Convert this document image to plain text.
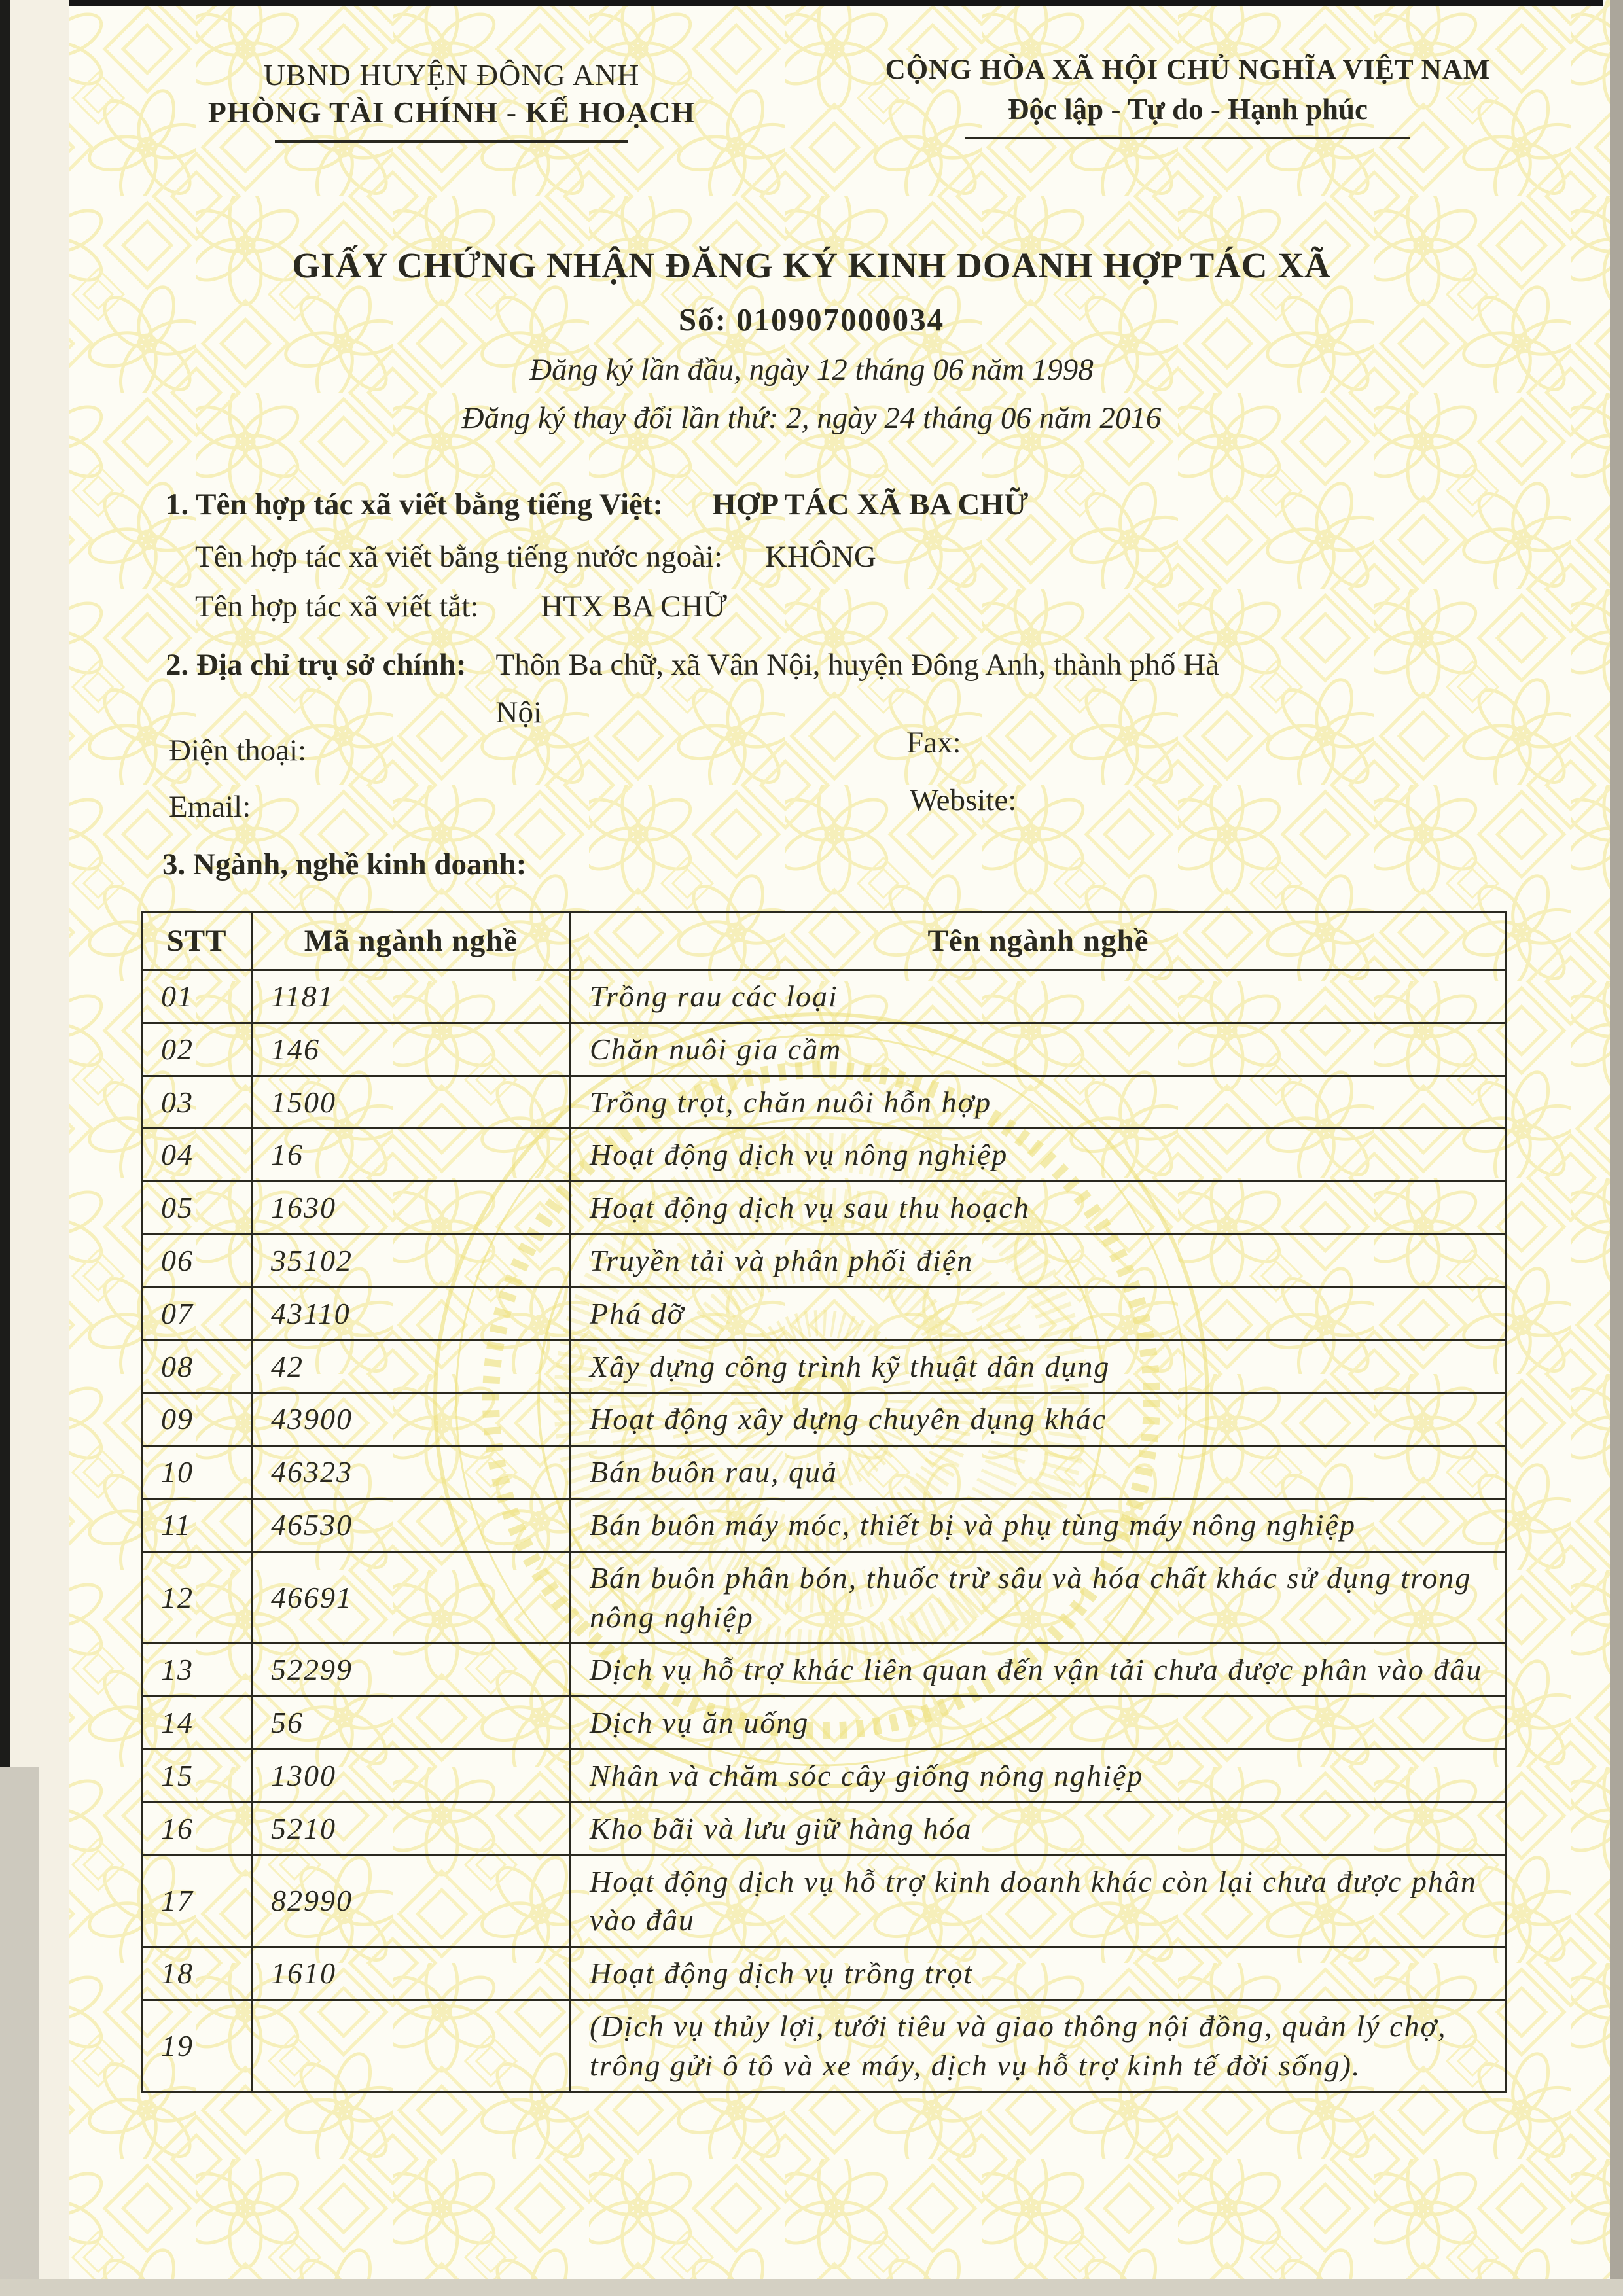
UBND HUYỆN ĐÔNG ANH
PHÒNG TÀI CHÍNH - KẾ HOẠCH
CỘNG HÒA XÃ HỘI CHỦ NGHĨA VIỆT NAM
Độc lập - Tự do - Hạnh phúc
GIẤY CHỨNG NHẬN ĐĂNG KÝ KINH DOANH HỢP TÁC XÃ
Số: 010907000034
Đăng ký lần đầu, ngày 12 tháng 06 năm 1998
Đăng ký thay đổi lần thứ: 2, ngày 24 tháng 06 năm 2016
1. Tên hợp tác xã viết bằng tiếng Việt: HỢP TÁC XÃ BA CHỮ
Tên hợp tác xã viết bằng tiếng nước ngoài: KHÔNG
Tên hợp tác xã viết tắt: HTX BA CHỮ
2. Địa chỉ trụ sở chính: Thôn Ba chữ, xã Vân Nội, huyện Đông Anh, thành phố Hà Nội
Điện thoại:	Fax:
Email:	Website:
3. Ngành, nghề kinh doanh:
STT	Mã ngành nghề	Tên ngành nghề
01	1181	Trồng rau các loại
02	146	Chăn nuôi gia cầm
03	1500	Trồng trọt, chăn nuôi hỗn hợp
04	16	Hoạt động dịch vụ nông nghiệp
05	1630	Hoạt động dịch vụ sau thu hoạch
06	35102	Truyền tải và phân phối điện
07	43110	Phá dỡ
08	42	Xây dựng công trình kỹ thuật dân dụng
09	43900	Hoạt động xây dựng chuyên dụng khác
10	46323	Bán buôn rau, quả
11	46530	Bán buôn máy móc, thiết bị và phụ tùng máy nông nghiệp
12	46691	Bán buôn phân bón, thuốc trừ sâu và hóa chất khác sử dụng trong nông nghiệp
13	52299	Dịch vụ hỗ trợ khác liên quan đến vận tải chưa được phân vào đâu
14	56	Dịch vụ ăn uống
15	1300	Nhân và chăm sóc cây giống nông nghiệp
16	5210	Kho bãi và lưu giữ hàng hóa
17	82990	Hoạt động dịch vụ hỗ trợ kinh doanh khác còn lại chưa được phân vào đâu
18	1610	Hoạt động dịch vụ trồng trọt
19		(Dịch vụ thủy lợi, tưới tiêu và giao thông nội đồng, quản lý chợ, trông gửi ô tô và xe máy, dịch vụ hỗ trợ kinh tế đời sống).
